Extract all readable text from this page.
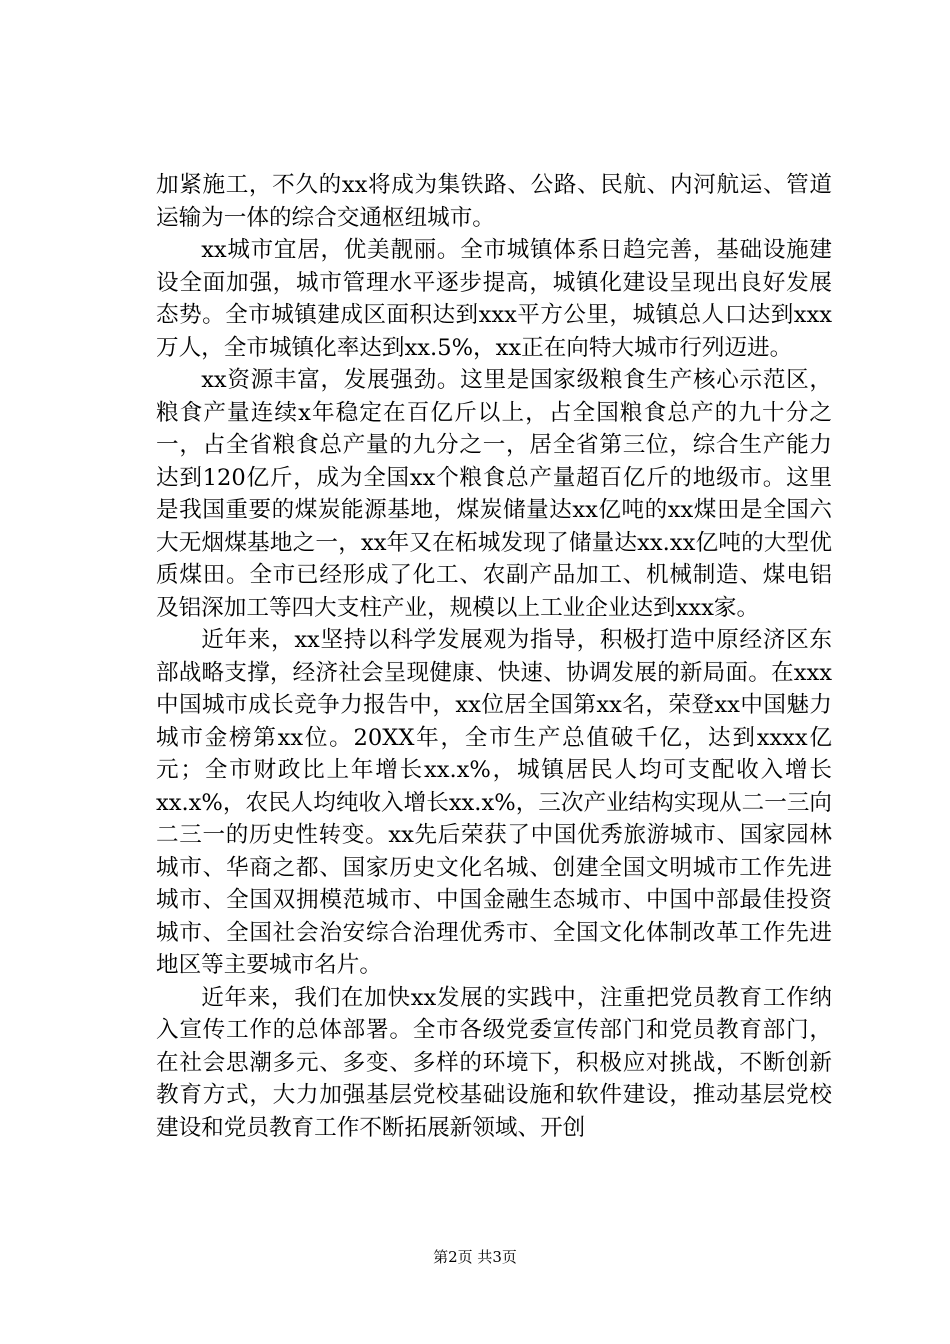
加紧施工，不久的xx将成为集铁路、公路、民航、内河航运、管道运输为一体的综合交通枢纽城市。

xx城市宜居，优美靓丽。全市城镇体系日趋完善，基础设施建设全面加强，城市管理水平逐步提高，城镇化建设呈现出良好发展态势。全市城镇建成区面积达到xxx平方公里，城镇总人口达到xxx万人，全市城镇化率达到xx.5%，xx正在向特大城市行列迈进。

xx资源丰富，发展强劲。这里是国家级粮食生产核心示范区，粮食产量连续x年稳定在百亿斤以上，占全国粮食总产的九十分之一，占全省粮食总产量的九分之一，居全省第三位，综合生产能力达到120亿斤，成为全国xx个粮食总产量超百亿斤的地级市。这里是我国重要的煤炭能源基地，煤炭储量达xx亿吨的xx煤田是全国六大无烟煤基地之一，xx年又在柘城发现了储量达xx.xx亿吨的大型优质煤田。全市已经形成了化工、农副产品加工、机械制造、煤电铝及铝深加工等四大支柱产业，规模以上工业企业达到xxx家。

近年来，xx坚持以科学发展观为指导，积极打造中原经济区东部战略支撑，经济社会呈现健康、快速、协调发展的新局面。在xxx中国城市成长竞争力报告中，xx位居全国第xx名，荣登xx中国魅力城市金榜第xx位。20XX年，全市生产总值破千亿，达到xxxx亿元；全市财政比上年增长xx.x%，城镇居民人均可支配收入增长xx.x%，农民人均纯收入增长xx.x%，三次产业结构实现从二一三向二三一的历史性转变。xx先后荣获了中国优秀旅游城市、国家园林城市、华商之都、国家历史文化名城、创建全国文明城市工作先进城市、全国双拥模范城市、中国金融生态城市、中国中部最佳投资城市、全国社会治安综合治理优秀市、全国文化体制改革工作先进地区等主要城市名片。

近年来，我们在加快xx发展的实践中，注重把党员教育工作纳入宣传工作的总体部署。全市各级党委宣传部门和党员教育部门，在社会思潮多元、多变、多样的环境下，积极应对挑战，不断创新教育方式，大力加强基层党校基础设施和软件建设，推动基层党校建设和党员教育工作不断拓展新领域、开创

第2页 共3页
